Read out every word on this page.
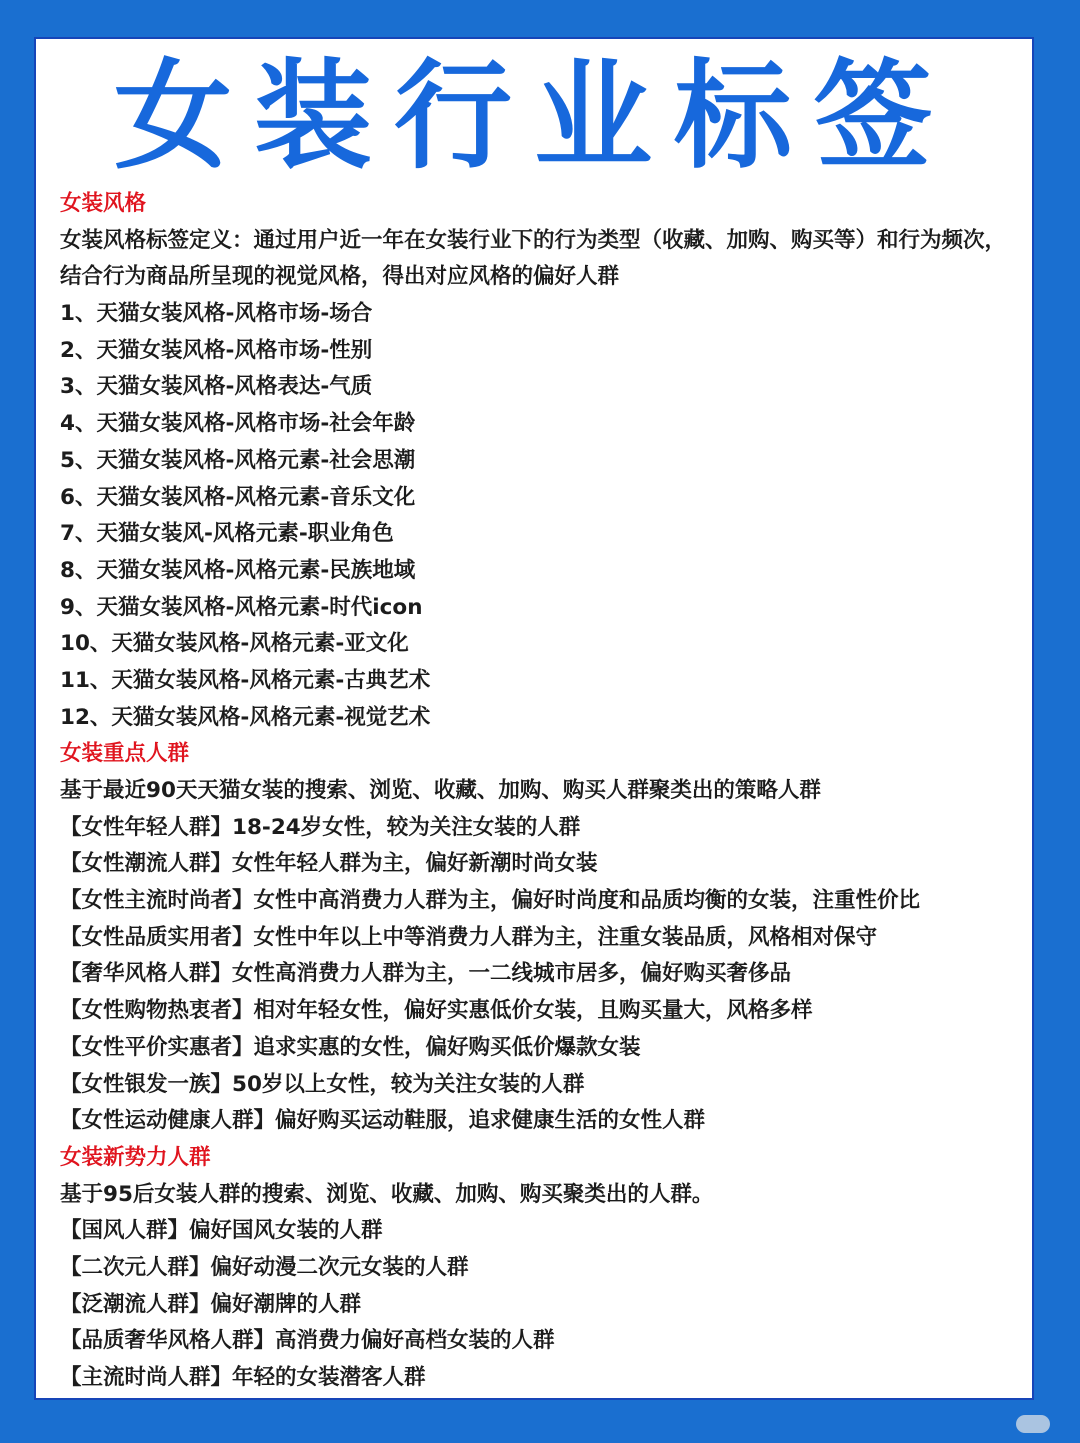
女装行业标签
女装风格
女装风格标签定义：通过用户近一年在女装行业下的行为类型（收藏、加购、购买等）和行为频次，结合行为商品所呈现的视觉风格，得出对应风格的偏好人群
1、天猫女装风格-风格市场-场合
2、天猫女装风格-风格市场-性别
3、天猫女装风格-风格表达-气质
4、天猫女装风格-风格市场-社会年龄
5、天猫女装风格-风格元素-社会思潮
6、天猫女装风格-风格元素-音乐文化
7、天猫女装风-风格元素-职业角色
8、天猫女装风格-风格元素-民族地域
9、天猫女装风格-风格元素-时代icon
10、天猫女装风格-风格元素-亚文化
11、天猫女装风格-风格元素-古典艺术
12、天猫女装风格-风格元素-视觉艺术
女装重点人群
基于最近90天天猫女装的搜索、浏览、收藏、加购、购买人群聚类出的策略人群
【女性年轻人群】18-24岁女性，较为关注女装的人群
【女性潮流人群】女性年轻人群为主，偏好新潮时尚女装
【女性主流时尚者】女性中高消费力人群为主，偏好时尚度和品质均衡的女装，注重性价比
【女性品质实用者】女性中年以上中等消费力人群为主，注重女装品质，风格相对保守
【奢华风格人群】女性高消费力人群为主，一二线城市居多，偏好购买奢侈品
【女性购物热衷者】相对年轻女性，偏好实惠低价女装，且购买量大，风格多样
【女性平价实惠者】追求实惠的女性，偏好购买低价爆款女装
【女性银发一族】50岁以上女性，较为关注女装的人群
【女性运动健康人群】偏好购买运动鞋服，追求健康生活的女性人群
女装新势力人群
基于95后女装人群的搜索、浏览、收藏、加购、购买聚类出的人群。
【国风人群】偏好国风女装的人群
【二次元人群】偏好动漫二次元女装的人群
【泛潮流人群】偏好潮牌的人群
【品质奢华风格人群】高消费力偏好高档女装的人群
【主流时尚人群】年轻的女装潜客人群
